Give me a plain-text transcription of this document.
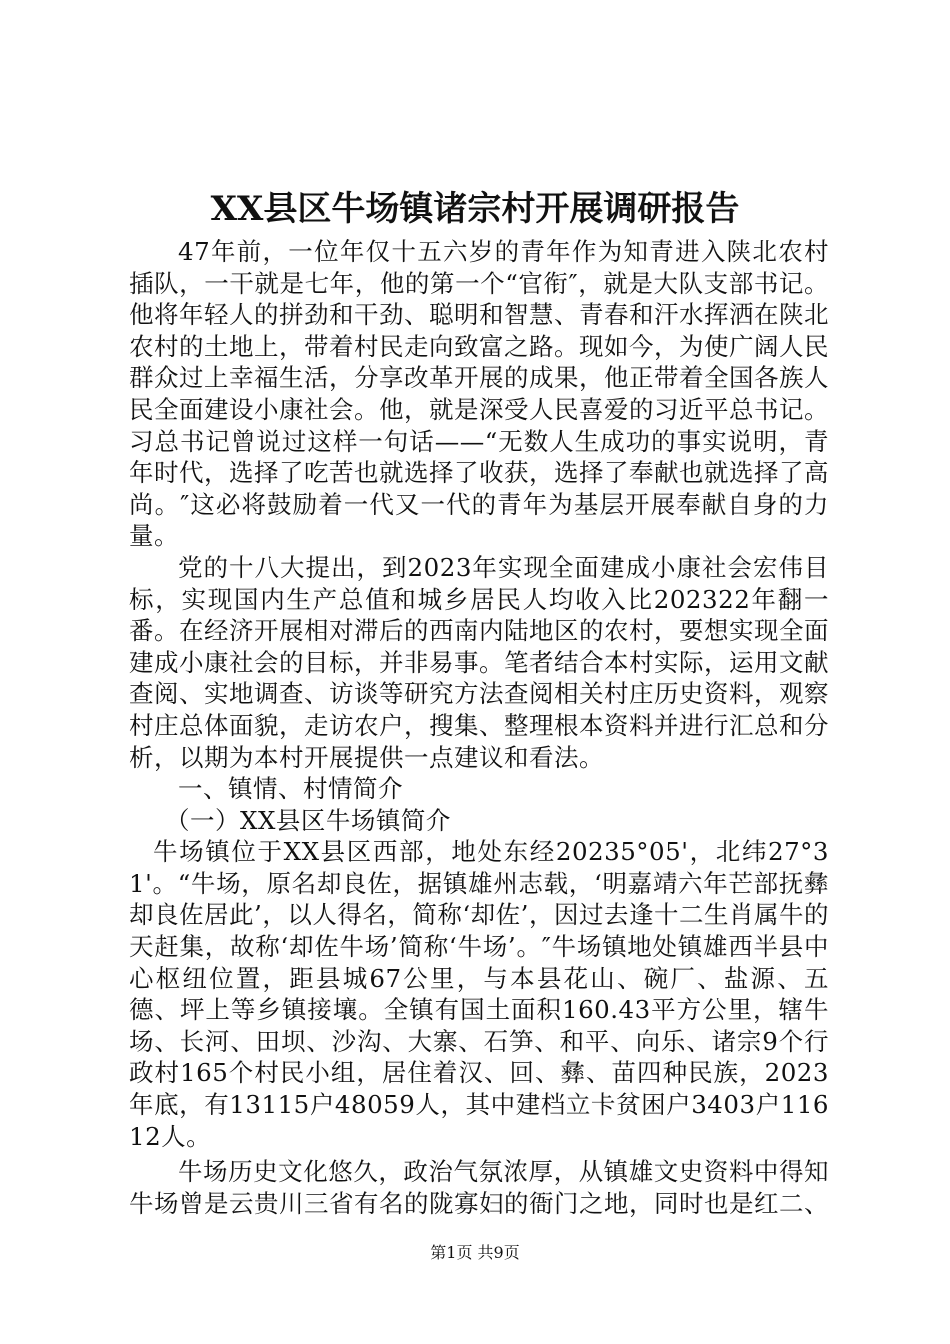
XX县区牛场镇诸宗村开展调研报告

47年前，一位年仅十五六岁的青年作为知青进入陕北农村插队，一干就是七年，他的第一个“官衔″，就是大队支部书记。他将年轻人的拼劲和干劲、聪明和智慧、青春和汗水挥洒在陕北农村的土地上，带着村民走向致富之路。现如今，为使广阔人民群众过上幸福生活，分享改革开展的成果，他正带着全国各族人民全面建设小康社会。他，就是深受人民喜爱的习近平总书记。习总书记曾说过这样一句话——“无数人生成功的事实说明，青年时代，选择了吃苦也就选择了收获，选择了奉献也就选择了高尚。″这必将鼓励着一代又一代的青年为基层开展奉献自身的力量。

党的十八大提出，到2023年实现全面建成小康社会宏伟目标，实现国内生产总值和城乡居民人均收入比202322年翻一番。在经济开展相对滞后的西南内陆地区的农村，要想实现全面建成小康社会的目标，并非易事。笔者结合本村实际，运用文献查阅、实地调查、访谈等研究方法查阅相关村庄历史资料，观察村庄总体面貌，走访农户，搜集、整理根本资料并进行汇总和分析，以期为本村开展提供一点建议和看法。

一、镇情、村情简介

（一）XX县区牛场镇简介

牛场镇位于XX县区西部，地处东经20235°05'，北纬27°31'。“牛场，原名却良佐，据镇雄州志载，‘明嘉靖六年芒部抚彝却良佐居此’，以人得名，简称‘却佐’，因过去逢十二生肖属牛的天赶集，故称‘却佐牛场’简称‘牛场’。″牛场镇地处镇雄西半县中心枢纽位置，距县城67公里，与本县花山、碗厂、盐源、五德、坪上等乡镇接壤。全镇有国土面积160.43平方公里，辖牛场、长河、田坝、沙沟、大寨、石笋、和平、向乐、诸宗9个行政村165个村民小组，居住着汉、回、彝、苗四种民族，2023年底，有13115户48059人，其中建档立卡贫困户3403户11612人。

牛场历史文化悠久，政治气氛浓厚，从镇雄文史资料中得知牛场曾是云贵川三省有名的陇寡妇的衙门之地，同时也是红二、

第1页 共9页
